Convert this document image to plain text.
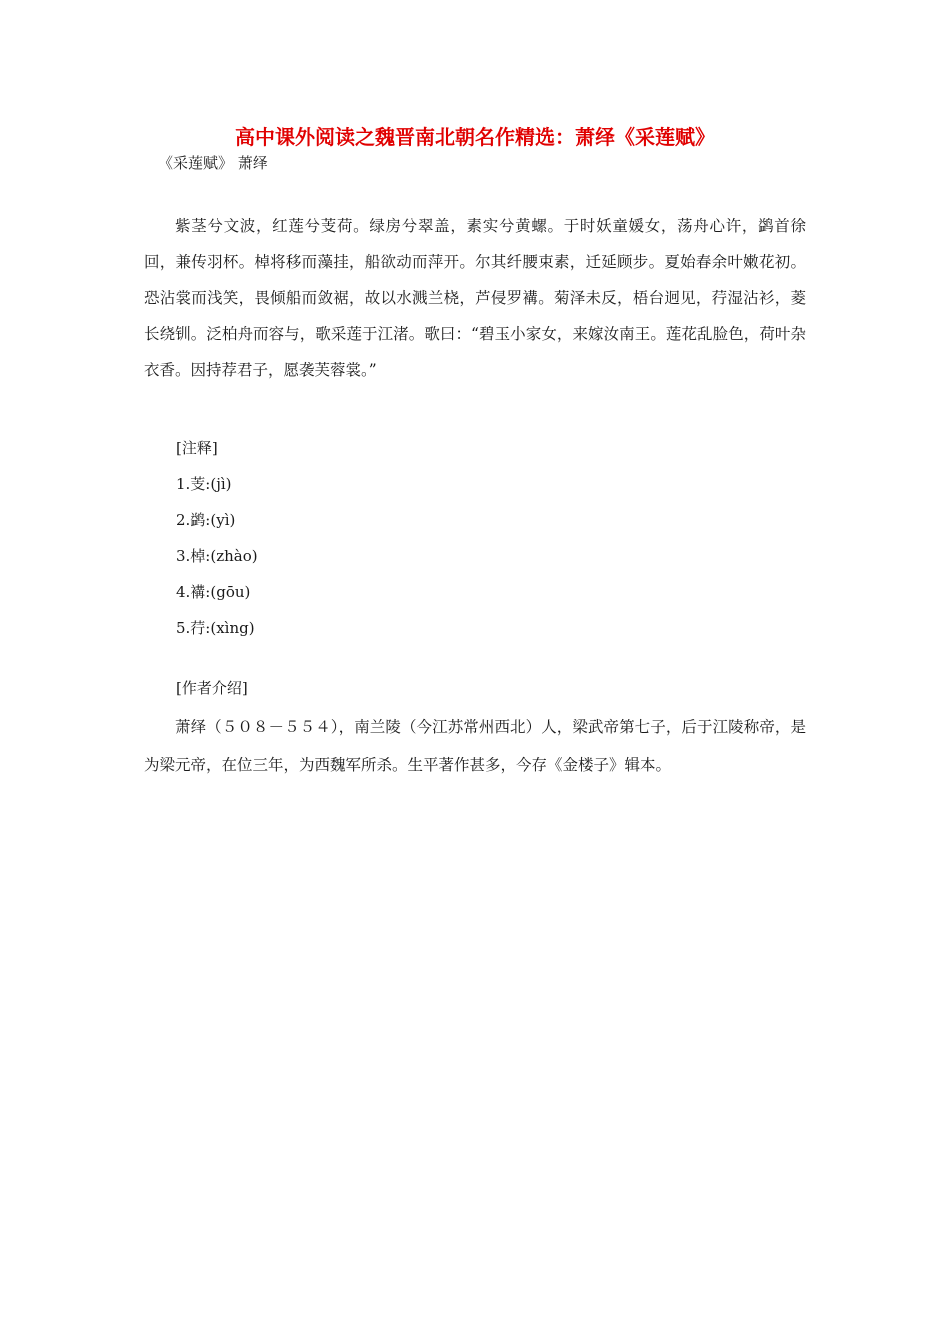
高中课外阅读之魏晋南北朝名作精选：萧绎《采莲赋》
《采莲赋》 萧绎
紫茎兮文波，红莲兮芰荷。绿房兮翠盖，素实兮黄螺。于时妖童媛女，荡舟心许，鹢首徐回，兼传羽杯。棹将移而藻挂，船欲动而萍开。尔其纤腰束素，迁延顾步。夏始春余叶嫩花初。恐沾裳而浅笑，畏倾船而敛裾，故以水溅兰桡，芦侵罗褠。菊泽未反，梧台迥见，荇湿沾衫，菱长绕钏。泛柏舟而容与，歌采莲于江渚。歌曰：“碧玉小家女，来嫁汝南王。莲花乱脸色，荷叶杂衣香。因持荐君子，愿袭芙蓉裳。”
[注释]
1.芰:(jì)
2.鹢:(yì)
3.棹:(zhào)
4.褠:(gōu)
5.荇:(xìng)
[作者介绍]
萧绎（５０８－５５４），南兰陵（今江苏常州西北）人，梁武帝第七子，后于江陵称帝，是为梁元帝，在位三年，为西魏军所杀。生平著作甚多，今存《金楼子》辑本。
